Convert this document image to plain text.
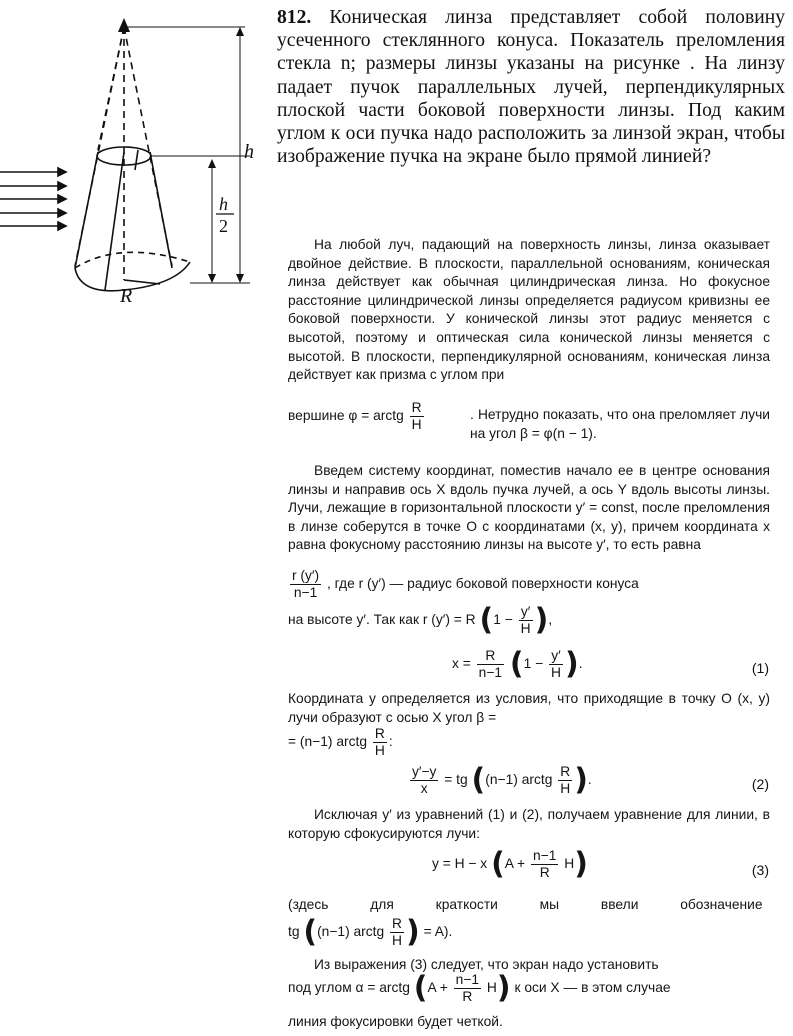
h
h
2
R
812. Коническая линза представляет собой половину усеченного стеклянного конуса. Показатель преломления стекла n; размеры линзы указаны на рисунке . На линзу падает пучок параллельных лучей, перпендикулярных плоской части боковой поверхности линзы. Под каким углом к оси пучка надо расположить за линзой экран, чтобы изображение пучка на экране было прямой линией?

На любой луч, падающий на поверхность линзы, линза оказывает двойное действие. В плоскости, параллельной основаниям, коническая линза действует как обычная цилиндрическая линза. Но фокусное расстояние цилиндрической линзы определяется радиусом кривизны ее боковой поверхности. У конической линзы этот радиус меняется с высотой, поэтому и оптическая сила конической линзы меняется с высотой. В плоскости, перпендикулярной основаниям, коническая линза действует как призма с углом при

вершине φ = arctg $\frac{R}{H}$	. Нетрудно показать, что она преломляет лучи на угол β = φ(n − 1).

Введем систему координат, поместив начало ее в центре основания линзы и направив ось X вдоль пучка лучей, а ось Y вдоль высоты линзы. Лучи, лежащие в горизонтальной плоскости y′ = const, после преломления в линзе соберутся в точке O с координатами (x, y), причем координата x равна фокусному расстоянию линзы на высоте y′, то есть равна

$\frac{r (y')}{n-1}$ , где r (y′) — радиус боковой поверхности конуса
на высоте y′. Так как r (y′) = R ($1 - \frac{y'}{H}$ ),
$x = \frac{R}{n-1} (1 - \frac{y'}{H}$ ).	(1)

Координата y определяется из условия, что приходящие в точку O (x, y) лучи образуют с осью X угол β =

= (n−1) arctg $\frac{R}{H}$ :
$\frac{y'-y}{x}$ = tg ((n−1) arctg $\frac{R}{H}$ ).	(2)

Исключая y′ из уравнений (1) и (2), получаем уравнение для линии, в которую сфокусируются лучи:

y = H − x $(A + \frac{n-1}{R} H)$	(3)

(здесь для краткости мы ввели обозначение

tg ((n−1) arctg $\frac{R}{H}$ ) = A).

Из выражения (3) следует, что экран надо установить

под углом α = arctg $(A + \frac{n-1}{R} H)$ к оси X — в этом случае
линия фокусировки будет четкой.
